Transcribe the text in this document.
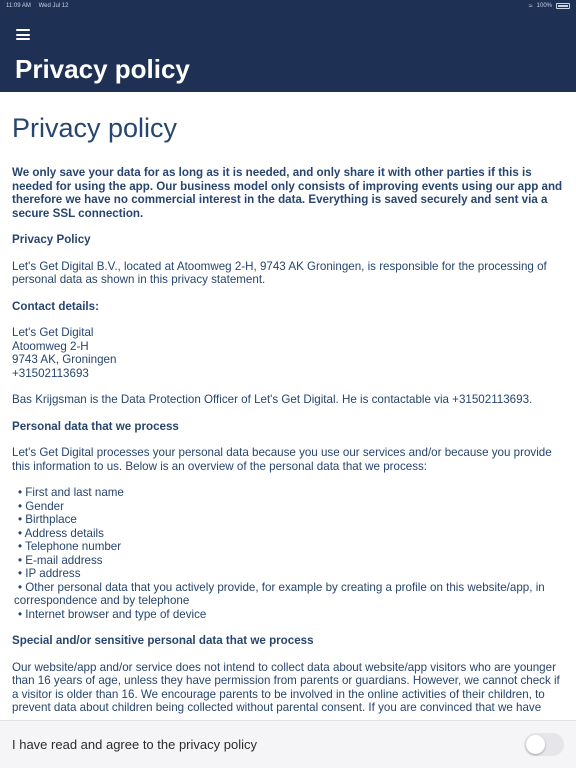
11:09 AM Wed Jul 12	≈ 100%
Privacy policy
Privacy policy

We only save your data for as long as it is needed, and only share it with other parties if this is needed for using the app. Our business model only consists of improving events using our app and therefore we have no commercial interest in the data. Everything is saved securely and sent via a secure SSL connection.

Privacy Policy

Let's Get Digital B.V., located at Atoomweg 2-H, 9743 AK Groningen, is responsible for the processing of personal data as shown in this privacy statement.

Contact details:

Let's Get Digital
Atoomweg 2-H
9743 AK, Groningen
+31502113693

Bas Krijgsman is the Data Protection Officer of Let's Get Digital. He is contactable via +31502113693.

Personal data that we process

Let's Get Digital processes your personal data because you use our services and/or because you provide this information to us. Below is an overview of the personal data that we process:

• First and last name
• Gender
• Birthplace
• Address details
• Telephone number
• E-mail address
• IP address
• Other personal data that you actively provide, for example by creating a profile on this website/app, in correspondence and by telephone
• Internet browser and type of device

Special and/or sensitive personal data that we process

Our website/app and/or service does not intend to collect data about website/app visitors who are younger than 16 years of age, unless they have permission from parents or guardians. However, we cannot check if a visitor is older than 16. We encourage parents to be involved in the online activities of their children, to prevent data about children being collected without parental consent. If you are convinced that we have

I have read and agree to the privacy policy
